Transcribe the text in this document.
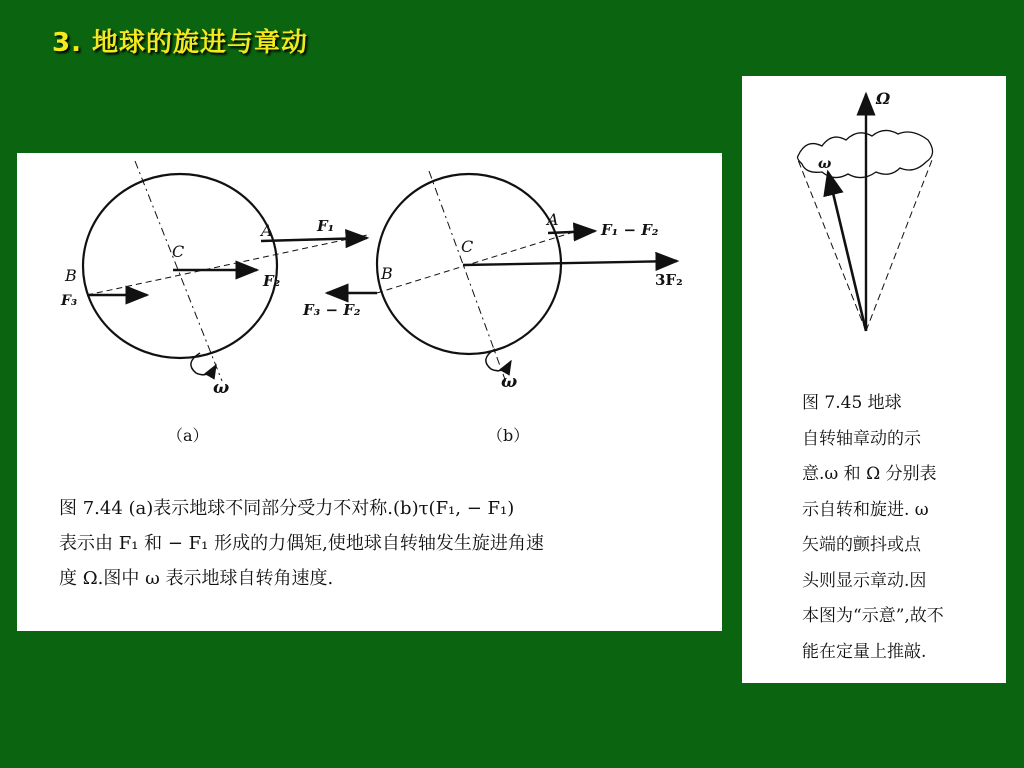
3. 地球的旋进与章动
A
C
B
F₁
F₂
F₃
ω
A
C
B
F₁ − F₂
3F₂
F₃ − F₂
ω
（a）	（b）
图 7.44 (a)表示地球不同部分受力不对称.(b)τ(F₁, − F₁)
表示由 F₁ 和 − F₁ 形成的力偶矩,使地球自转轴发生旋进角速
度 Ω.图中 ω 表示地球自转角速度.
Ω
ω
图 7.45 地球
自转轴章动的示
意.ω 和 Ω 分别表
示自转和旋进. ω
矢端的颤抖或点
头则显示章动.因
本图为“示意”,故不
能在定量上推敲.
